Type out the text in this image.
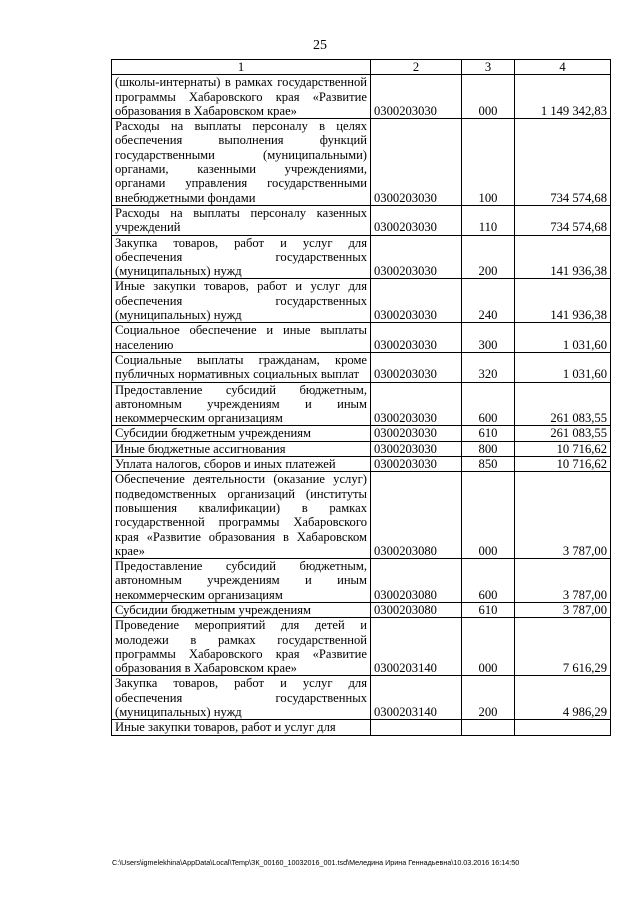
25
1	2	3	4
(школы-интернаты) в рамках государственной программы Хабаровского края «Развитие образования в Хабаровском крае»	0300203030	000	1 149 342,83
Расходы на выплаты персоналу в целях обеспечения выполнения функций государственными (муниципальными) органами, казенными учреждениями, органами управления государственными внебюджетными фондами	0300203030	100	734 574,68
Расходы на выплаты персоналу казенных учреждений	0300203030	110	734 574,68
Закупка товаров, работ и услуг для обеспечения государственных (муниципальных) нужд	0300203030	200	141 936,38
Иные закупки товаров, работ и услуг для обеспечения государственных (муниципальных) нужд	0300203030	240	141 936,38
Социальное обеспечение и иные выплаты населению	0300203030	300	1 031,60
Социальные выплаты гражданам, кроме публичных нормативных социальных выплат	0300203030	320	1 031,60
Предоставление субсидий бюджетным, автономным учреждениям и иным некоммерческим организациям	0300203030	600	261 083,55
Субсидии бюджетным учреждениям	0300203030	610	261 083,55
Иные бюджетные ассигнования	0300203030	800	10 716,62
Уплата налогов, сборов и иных платежей	0300203030	850	10 716,62
Обеспечение деятельности (оказание услуг) подведомственных организаций (институты повышения квалификации) в рамках государственной программы Хабаровского края «Развитие образования в Хабаровском крае»	0300203080	000	3 787,00
Предоставление субсидий бюджетным, автономным учреждениям и иным некоммерческим организациям	0300203080	600	3 787,00
Субсидии бюджетным учреждениям	0300203080	610	3 787,00
Проведение мероприятий для детей и молодежи в рамках государственной программы Хабаровского края «Развитие образования в Хабаровском крае»	0300203140	000	7 616,29
Закупка товаров, работ и услуг для обеспечения государственных (муниципальных) нужд	0300203140	200	4 986,29
Иные закупки товаров, работ и услуг для			
C:\Users\igmelekhina\AppData\Local\Temp\ЗК_00160_10032016_001.tsd\Меледина Ирина Геннадьевна\10.03.2016 16:14:50
